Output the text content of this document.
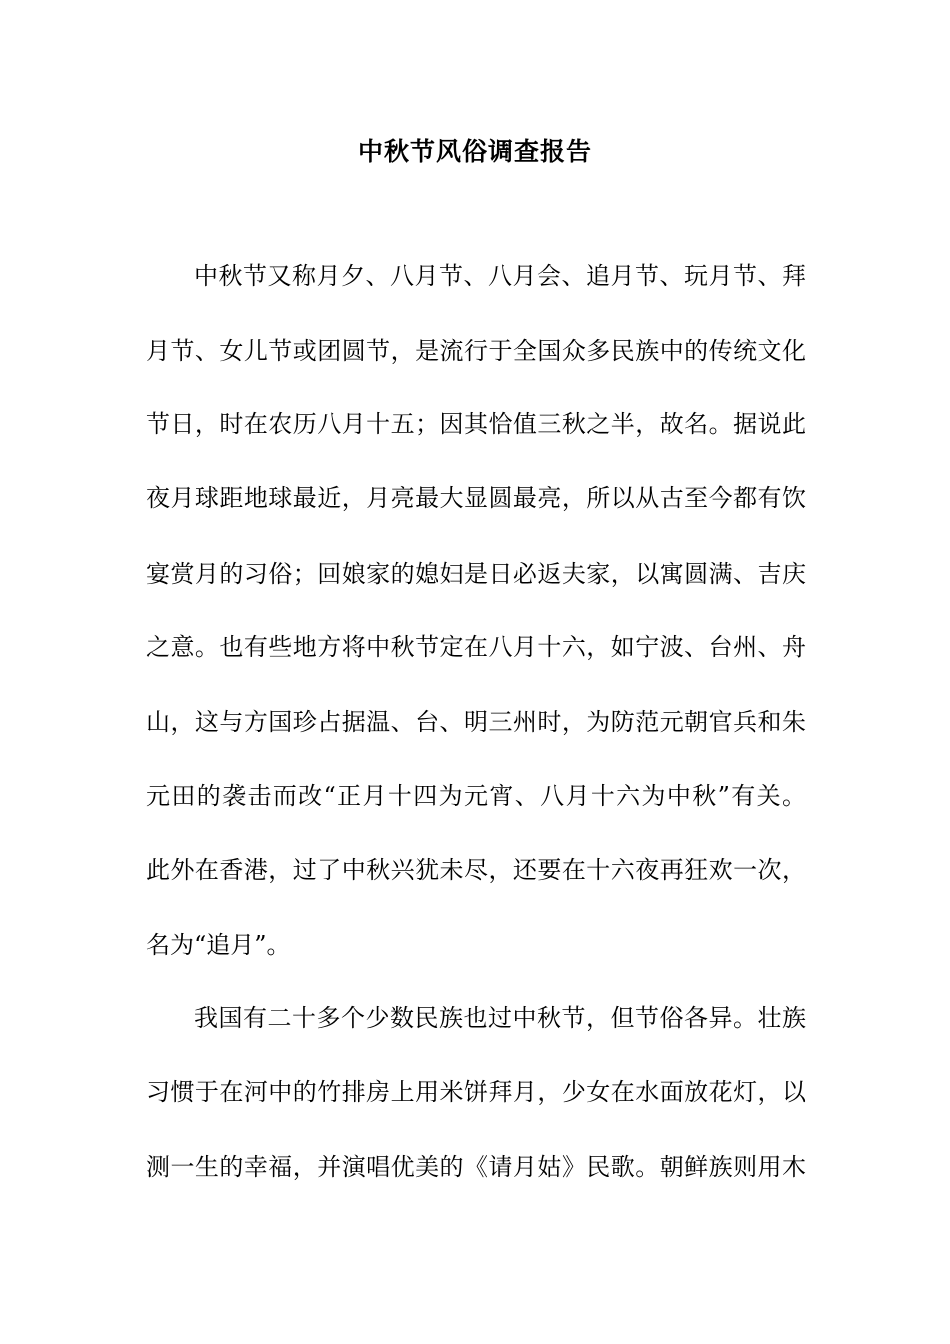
中秋节风俗调查报告
中秋节又称月夕、八月节、八月会、追月节、玩月节、拜
月节、女儿节或团圆节，是流行于全国众多民族中的传统文化
节日，时在农历八月十五；因其恰值三秋之半，故名。据说此
夜月球距地球最近，月亮最大显圆最亮，所以从古至今都有饮
宴赏月的习俗；回娘家的媳妇是日必返夫家，以寓圆满、吉庆
之意。也有些地方将中秋节定在八月十六，如宁波、台州、舟
山，这与方国珍占据温、台、明三州时，为防范元朝官兵和朱
元田的袭击而改“正月十四为元宵、八月十六为中秋”有关。
此外在香港，过了中秋兴犹未尽，还要在十六夜再狂欢一次，
名为“追月”。
我国有二十多个少数民族也过中秋节，但节俗各异。壮族
习惯于在河中的竹排房上用米饼拜月，少女在水面放花灯，以
测一生的幸福，并演唱优美的《请月姑》民歌。朝鲜族则用木
